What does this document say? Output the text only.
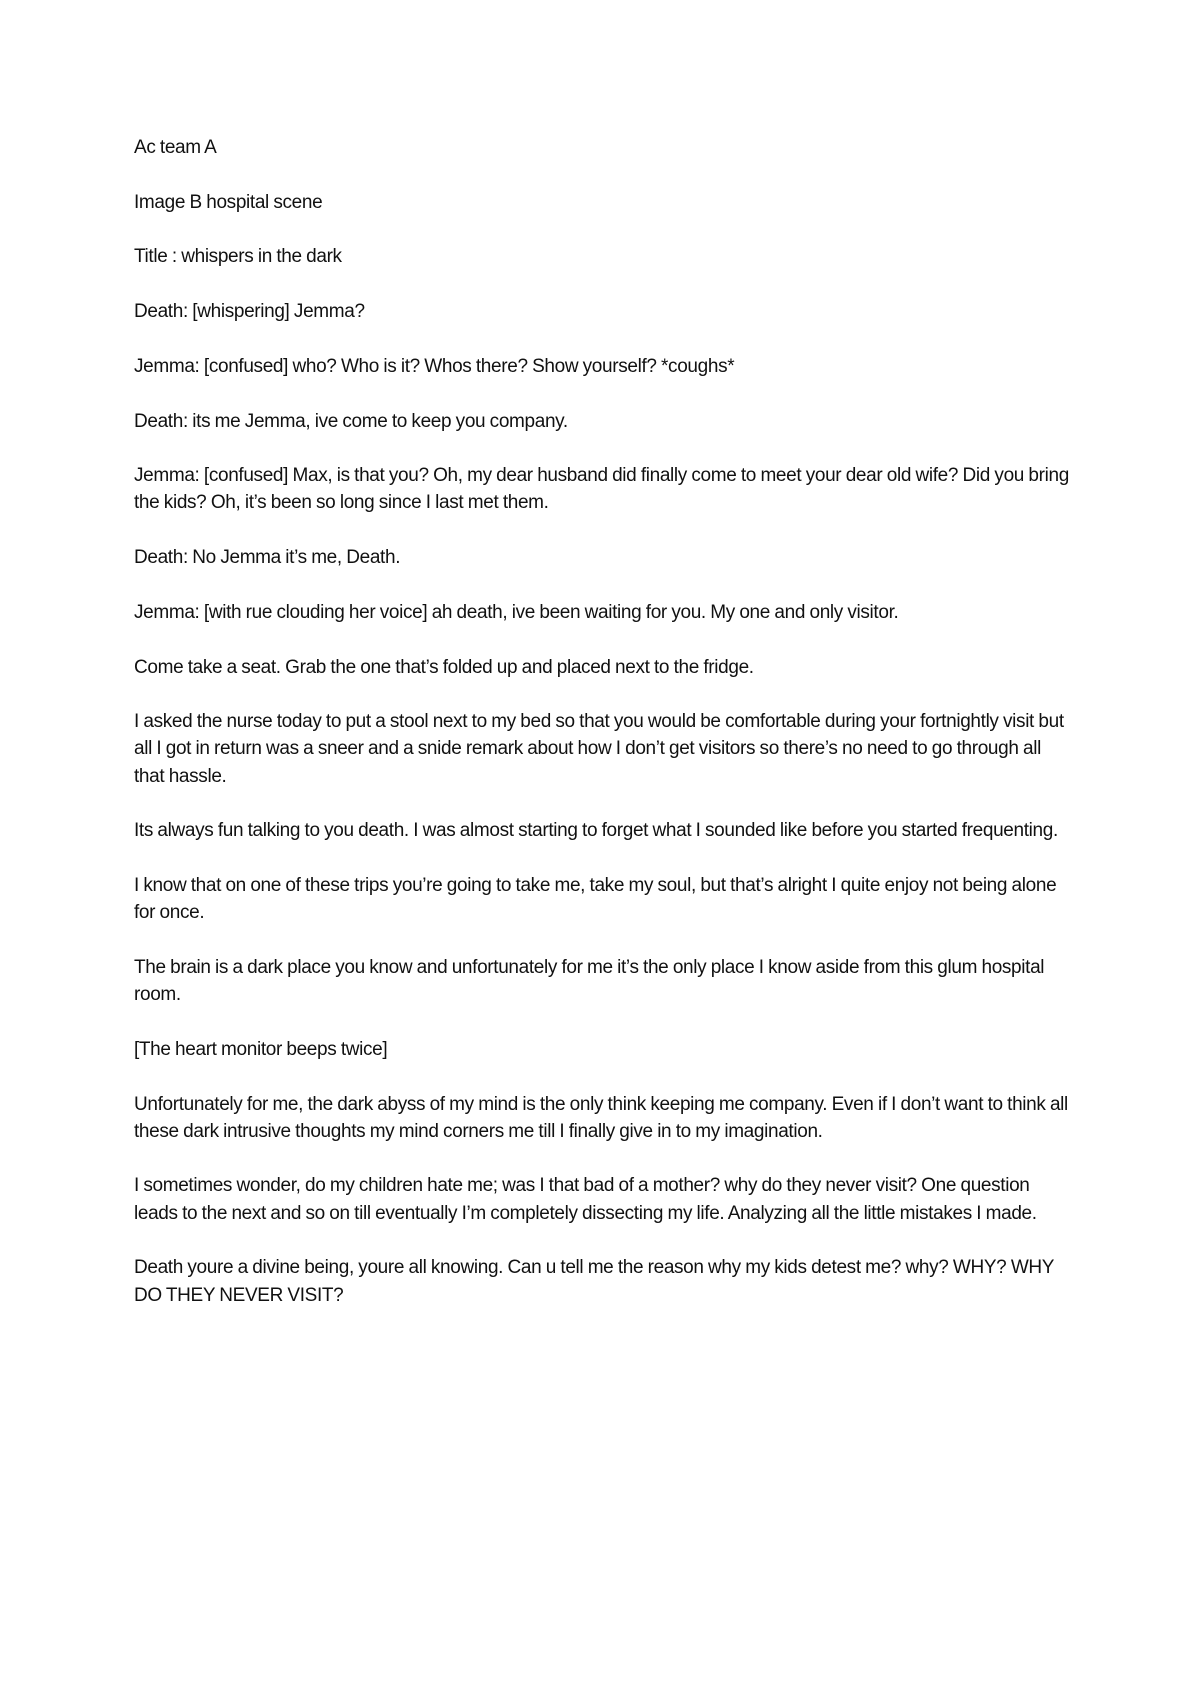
Ac team A

Image B hospital scene

Title : whispers in the dark

Death: [whispering] Jemma?

Jemma: [confused] who? Who is it? Whos there? Show yourself? *coughs*

Death: its me Jemma, ive come to keep you company.

Jemma: [confused] Max, is that you? Oh, my dear husband did finally come to meet your dear old wife? Did you bring the kids? Oh, it’s been so long since I last met them.

Death: No Jemma it’s me, Death.

Jemma: [with rue clouding her voice] ah death, ive been waiting for you. My one and only visitor.

Come take a seat. Grab the one that’s folded up and placed next to the fridge.

I asked the nurse today to put a stool next to my bed so that you would be comfortable during your fortnightly visit but all I got in return was a sneer and a snide remark about how I don’t get visitors so there’s no need to go through all that hassle.

Its always fun talking to you death. I was almost starting to forget what I sounded like before you started frequenting.

I know that on one of these trips you’re going to take me, take my soul, but that’s alright I quite enjoy not being alone for once.

The brain is a dark place you know and unfortunately for me it’s the only place I know aside from this glum hospital room.

[The heart monitor beeps twice]

Unfortunately for me, the dark abyss of my mind is the only think keeping me company. Even if I don’t want to think all these dark intrusive thoughts my mind corners me till I finally give in to my imagination.

I sometimes wonder, do my children hate me; was I that bad of a mother? why do they never visit? One question leads to the next and so on till eventually I’m completely dissecting my life. Analyzing all the little mistakes I made.

Death youre a divine being, youre all knowing. Can u tell me the reason why my kids detest me? why? WHY? WHY DO THEY NEVER VISIT?
